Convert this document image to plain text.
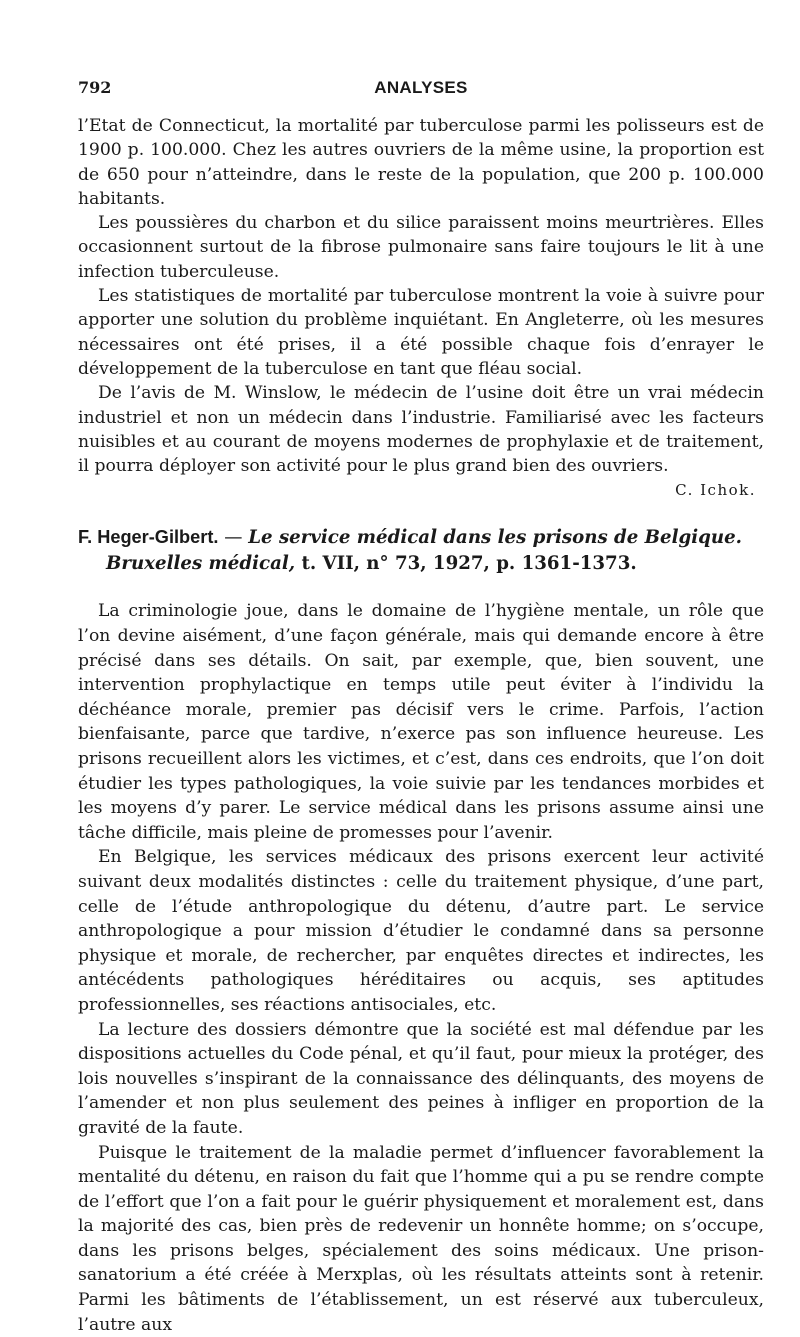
792	ANALYSES

l’Etat de Connecticut, la mortalité par tuberculose parmi les polisseurs est de 1900 p. 100.000. Chez les autres ouvriers de la même usine, la proportion est de 650 pour n’atteindre, dans le reste de la population, que 200 p. 100.000 habitants.

Les poussières du charbon et du silice paraissent moins meurtrières. Elles occasionnent surtout de la fibrose pulmonaire sans faire toujours le lit à une infection tuberculeuse.

Les statistiques de mortalité par tuberculose montrent la voie à suivre pour apporter une solution du problème inquiétant. En Angleterre, où les mesures nécessaires ont été prises, il a été possible chaque fois d’enrayer le développement de la tuberculose en tant que fléau social.

De l’avis de M. Winslow, le médecin de l’usine doit être un vrai médecin industriel et non un médecin dans l’industrie. Familiarisé avec les facteurs nuisibles et au courant de moyens modernes de prophylaxie et de traitement, il pourra déployer son activité pour le plus grand bien des ouvriers.

C. Ichok.
F. Heger-Gilbert. — Le service médical dans les prisons de Belgique.
Bruxelles médical, t. VII, n° 73, 1927, p. 1361-1373.

La criminologie joue, dans le domaine de l’hygiène mentale, un rôle que l’on devine aisément, d’une façon générale, mais qui demande encore à être précisé dans ses détails. On sait, par exemple, que, bien souvent, une intervention prophylactique en temps utile peut éviter à l’individu la déchéance morale, premier pas décisif vers le crime. Parfois, l’action bienfaisante, parce que tardive, n’exerce pas son influence heureuse. Les prisons recueillent alors les victimes, et c’est, dans ces endroits, que l’on doit étudier les types pathologiques, la voie suivie par les tendances morbides et les moyens d’y parer. Le service médical dans les prisons assume ainsi une tâche difficile, mais pleine de promesses pour l’avenir.

En Belgique, les services médicaux des prisons exercent leur activité suivant deux modalités distinctes : celle du traitement physique, d’une part, celle de l’étude anthropologique du détenu, d’autre part. Le service anthropologique a pour mission d’étudier le condamné dans sa personne physique et morale, de rechercher, par enquêtes directes et indirectes, les antécédents pathologiques héréditaires ou acquis, ses aptitudes professionnelles, ses réactions antisociales, etc.

La lecture des dossiers démontre que la société est mal défendue par les dispositions actuelles du Code pénal, et qu’il faut, pour mieux la protéger, des lois nouvelles s’inspirant de la connaissance des délinquants, des moyens de l’amender et non plus seulement des peines à infliger en proportion de la gravité de la faute.

Puisque le traitement de la maladie permet d’influencer favorablement la mentalité du détenu, en raison du fait que l’homme qui a pu se rendre compte de l’effort que l’on a fait pour le guérir physiquement et moralement est, dans la majorité des cas, bien près de redevenir un honnête homme; on s’occupe, dans les prisons belges, spécialement des soins médicaux. Une prison-sanatorium a été créée à Merxplas, où les résultats atteints sont à retenir. Parmi les bâtiments de l’établissement, un est réservé aux tuberculeux, l’autre aux
